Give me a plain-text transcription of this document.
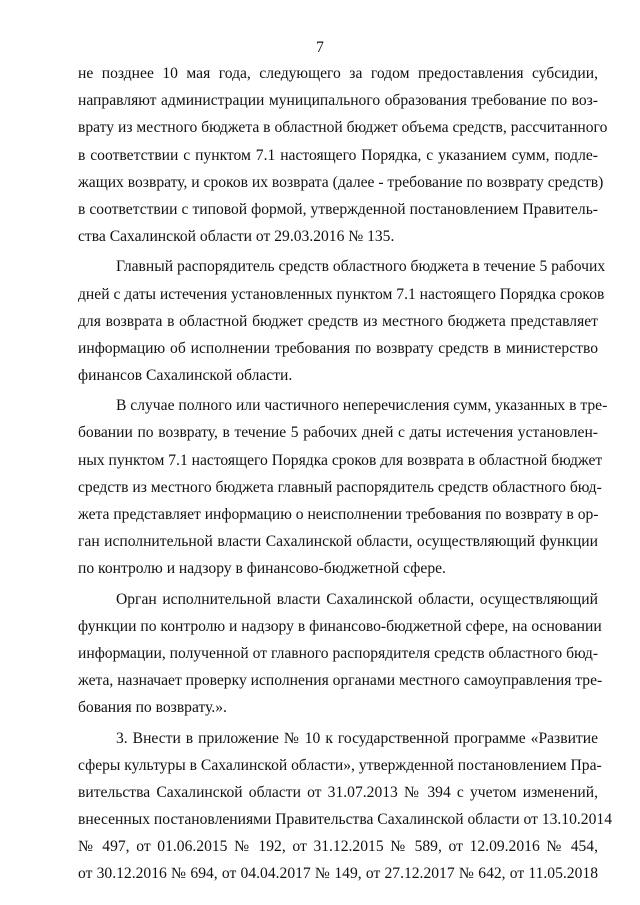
7
не позднее 10 мая года, следующего за годом предоставления субсидии,
направляют администрации муниципального образования требование по воз-
врату из местного бюджета в областной бюджет объема средств, рассчитанного
в соответствии с пунктом 7.1 настоящего Порядка, с указанием сумм, подле-
жащих возврату, и сроков их возврата (далее - требование по возврату средств)
в соответствии с типовой формой, утвержденной постановлением Правитель-
ства Сахалинской области от 29.03.2016 № 135.
Главный распорядитель средств областного бюджета в течение 5 рабочих
дней с даты истечения установленных пунктом 7.1 настоящего Порядка сроков
для возврата в областной бюджет средств из местного бюджета представляет
информацию об исполнении требования по возврату средств в министерство
финансов Сахалинской области.
В случае полного или частичного неперечисления сумм, указанных в тре-
бовании по возврату, в течение 5 рабочих дней с даты истечения установлен-
ных пунктом 7.1 настоящего Порядка сроков для возврата в областной бюджет
средств из местного бюджета главный распорядитель средств областного бюд-
жета представляет информацию о неисполнении требования по возврату в ор-
ган исполнительной власти Сахалинской области, осуществляющий функции
по контролю и надзору в финансово-бюджетной сфере.
Орган исполнительной власти Сахалинской области, осуществляющий
функции по контролю и надзору в финансово-бюджетной сфере, на основании
информации, полученной от главного распорядителя средств областного бюд-
жета, назначает проверку исполнения органами местного самоуправления тре-
бования по возврату.».
3. Внести в приложение № 10 к государственной программе «Развитие
сферы культуры в Сахалинской области», утвержденной постановлением Пра-
вительства Сахалинской области от 31.07.2013 № 394 с учетом изменений,
внесенных постановлениями Правительства Сахалинской области от 13.10.2014
№ 497, от 01.06.2015 № 192, от 31.12.2015 № 589, от 12.09.2016 № 454,
от 30.12.2016 № 694, от 04.04.2017 № 149, от 27.12.2017 № 642, от 11.05.2018
